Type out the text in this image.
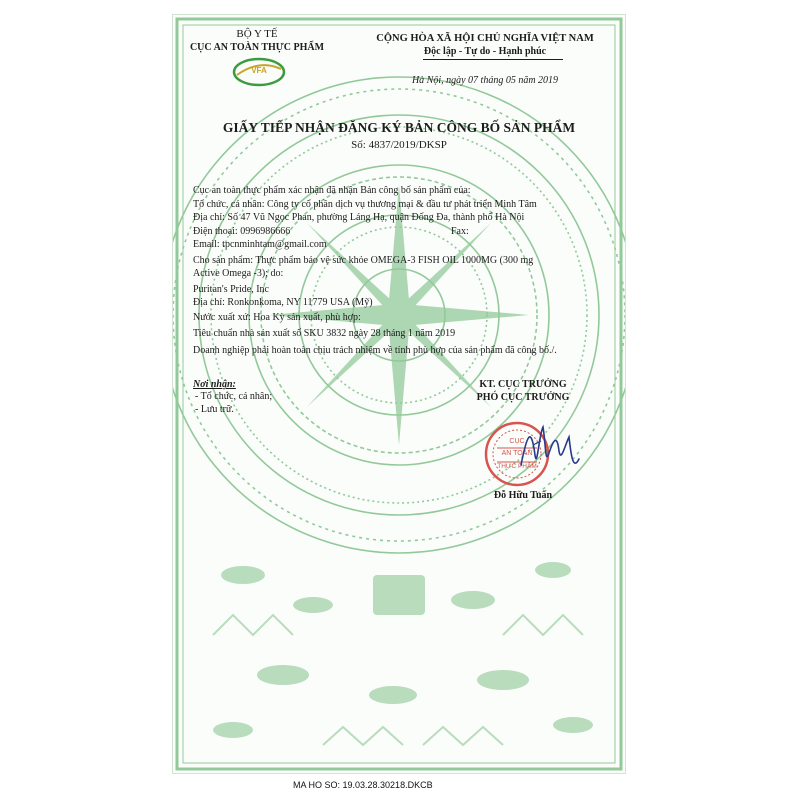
BỘ Y TẾ
CỤC AN TOÀN THỰC PHẨM
VFA
CỘNG HÒA XÃ HỘI CHỦ NGHĨA VIỆT NAM
Độc lập - Tự do - Hạnh phúc
Hà Nội, ngày 07 tháng 05 năm 2019
GIẤY TIẾP NHẬN ĐĂNG KÝ BẢN CÔNG BỐ SẢN PHẨM
Số: 4837/2019/DKSP
Cục an toàn thực phẩm xác nhận đã nhận Bản công bố sản phẩm của:
Tổ chức, cá nhân: Công ty cổ phần dịch vụ thương mại & đầu tư phát triển Minh Tâm
Địa chỉ: Số 47 Vũ Ngọc Phan, phường Láng Hạ, quận Đống Đa, thành phố Hà Nội
Điện thoại: 0996986666	Fax:
Email: tpcnminhtam@gmail.com
Cho sản phẩm: Thực phẩm bảo vệ sức khỏe OMEGA-3 FISH OIL 1000MG (300 mg
Active Omega -3); do:
Puritan's Pride, Inc
Địa chỉ: Ronkonkoma, NY 11779 USA (Mỹ)
Nước xuất xứ: Hoa Kỳ sản xuất, phù hợp:
Tiêu chuẩn nhà sản xuất số SKU 3832 ngày 28 tháng 1 năm 2019
Doanh nghiệp phải hoàn toàn chịu trách nhiệm về tính phù hợp của sản phẩm đã công bố./.
Nơi nhận:
- Tổ chức, cá nhân;
- Lưu trữ.
KT. CỤC TRƯỞNG
PHÓ CỤC TRƯỞNG
CỤC
AN TOÀN
THỰC PHẨM
Đỗ Hữu Tuấn
MA HO SO: 19.03.28.30218.DKCB
